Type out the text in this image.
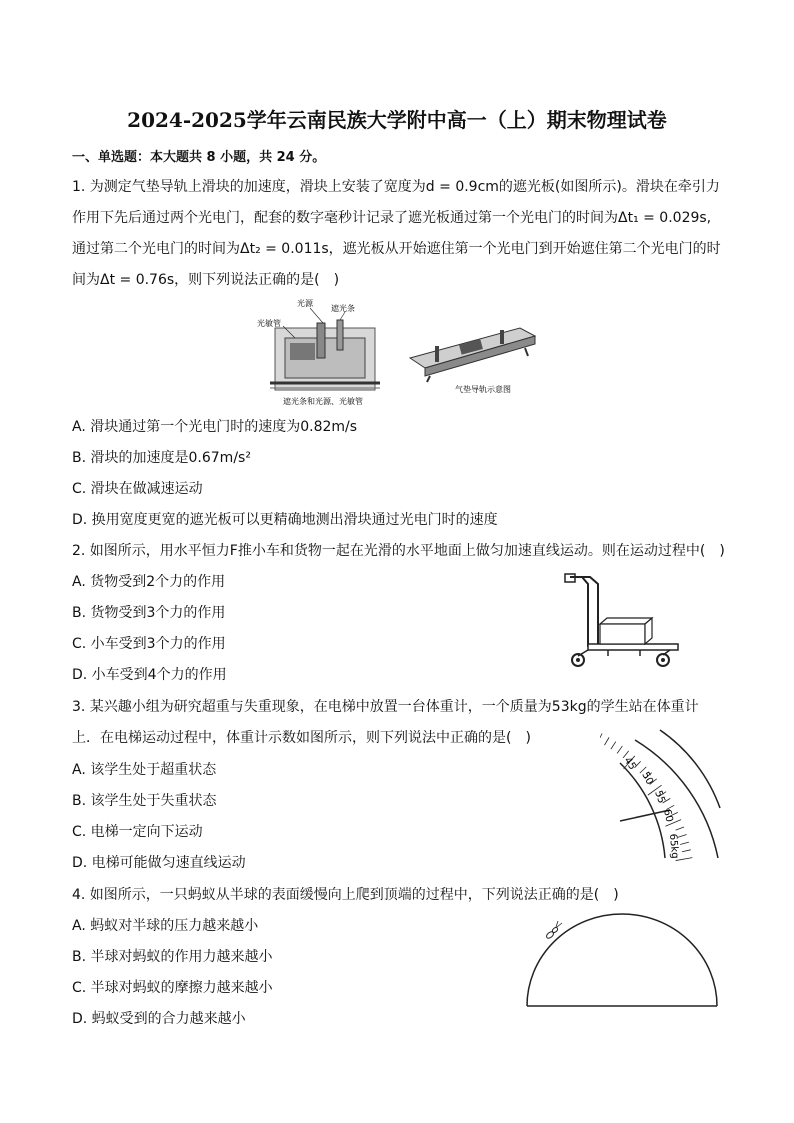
2024-2025学年云南民族大学附中高一（上）期末物理试卷
一、单选题：本大题共 8 小题，共 24 分。
1. 为测定气垫导轨上滑块的加速度，滑块上安装了宽度为d = 0.9cm的遮光板(如图所示)。滑块在牵引力
作用下先后通过两个光电门，配套的数字毫秒计记录了遮光板通过第一个光电门的时间为Δt₁ = 0.029s,
通过第二个光电门的时间为Δt₂ = 0.011s，遮光板从开始遮住第一个光电门到开始遮住第二个光电门的时
间为Δt = 0.76s，则下列说法正确的是(　)
光源
遮光条
光敏管
遮光条和光源、光敏管
气垫导轨示意图
A. 滑块通过第一个光电门时的速度为0.82m/s
B. 滑块的加速度是0.67m/s²
C. 滑块在做减速运动
D. 换用宽度更宽的遮光板可以更精确地测出滑块通过光电门时的速度
2. 如图所示，用水平恒力F推小车和货物一起在光滑的水平地面上做匀加速直线运动。则在运动过程中(　)
A. 货物受到2个力的作用
B. 货物受到3个力的作用
C. 小车受到3个力的作用
D. 小车受到4个力的作用
3. 某兴趣小组为研究超重与失重现象，在电梯中放置一台体重计，一个质量为53kg的学生站在体重计
上．在电梯运动过程中，体重计示数如图所示，则下列说法中正确的是(　)
A. 该学生处于超重状态
B. 该学生处于失重状态
C. 电梯一定向下运动
D. 电梯可能做匀速直线运动
45
50
55
60
65kg
4. 如图所示，一只蚂蚁从半球的表面缓慢向上爬到顶端的过程中，下列说法正确的是(　)
A. 蚂蚁对半球的压力越来越小
B. 半球对蚂蚁的作用力越来越小
C. 半球对蚂蚁的摩擦力越来越小
D. 蚂蚁受到的合力越来越小
